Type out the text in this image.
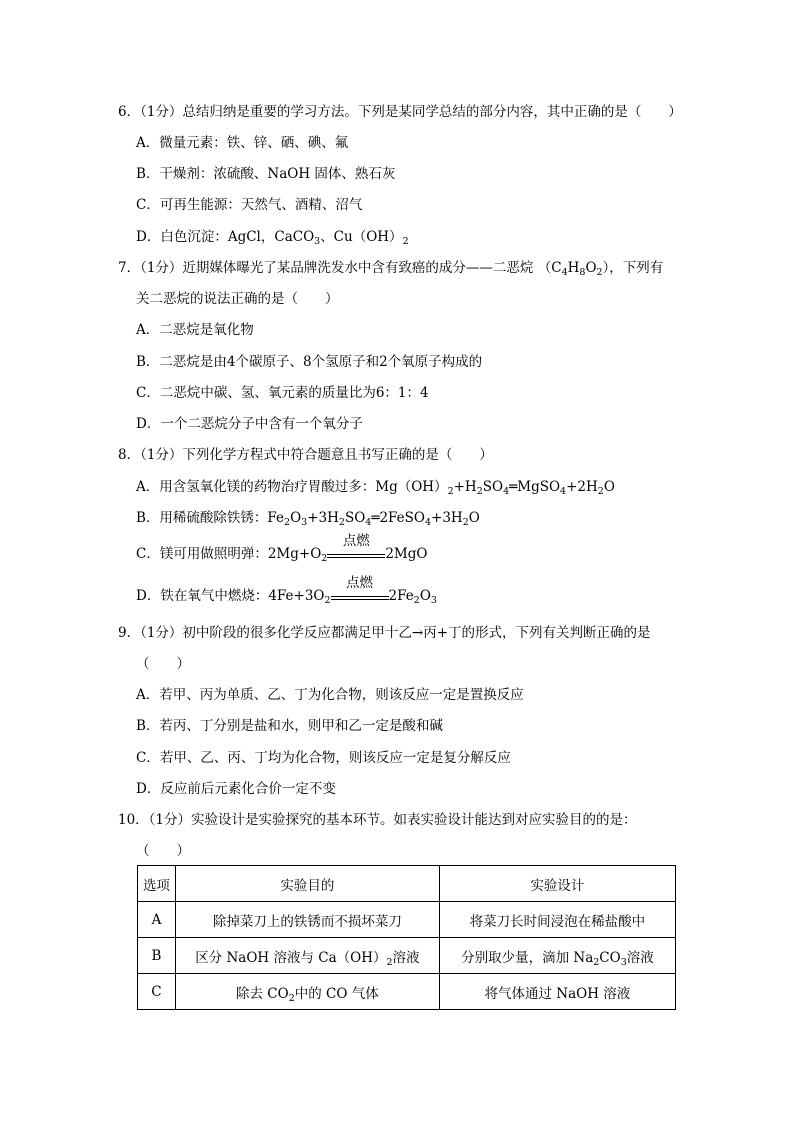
6．（1分）总结归纳是重要的学习方法。下列是某同学总结的部分内容，其中正确的是（　　）
A．微量元素：铁、锌、硒、碘、氟
B．干燥剂：浓硫酸、NaOH 固体、熟石灰
C．可再生能源：天然气、酒精、沼气
D．白色沉淀：AgCl，CaCO$_3$、$Cu(OH)_2$
7．（1分）近期媒体曝光了某品牌洗发水中含有致癌的成分——二恶烷 $(C_4H_8O_2)$，下列有
关二恶烷的说法正确的是（　　）
A．二恶烷是氧化物
B．二恶烷是由4个碳原子、8个氢原子和2个氧原子构成的
C．二恶烷中碳、氢、氧元素的质量比为6：1：4
D．一个二恶烷分子中含有一个氧分子
8．（1分）下列化学方程式中符合题意且书写正确的是（　　）
A．用含氢氧化镁的药物治疗胃酸过多：$Mg(OH)_2+H_2SO_4═MgSO_4+2H_2O$
B．用稀硫酸除铁锈：$Fe_2O_3+3H_2SO_4═2FeSO_4+3H_2O$
C．镁可用做照明弹：$2Mg+O_2$
点燃
2MgO
D．铁在氧气中燃烧：$4Fe+3O_2$
点燃
$2Fe_2O_3$
9．（1分）初中阶段的很多化学反应都满足甲十乙→丙+丁的形式，下列有关判断正确的是
（　　）
A．若甲、丙为单质、乙、丁为化合物，则该反应一定是置换反应
B．若丙、丁分别是盐和水，则甲和乙一定是酸和碱
C．若甲、乙、丙、丁均为化合物，则该反应一定是复分解反应
D．反应前后元素化合价一定不变
10．（1分）实验设计是实验探究的基本环节。如表实验设计能达到对应实验目的的是：
（　　）
选项	实验目的	实验设计
A	除掉菜刀上的铁锈而不损坏菜刀	将菜刀长时间浸泡在稀盐酸中
B	区分 NaOH 溶液与 $Ca(OH)_2$溶液	分别取少量，滴加 $Na_2CO_3$溶液
C	除去 $CO_2$中的 CO 气体	将气体通过 NaOH 溶液
